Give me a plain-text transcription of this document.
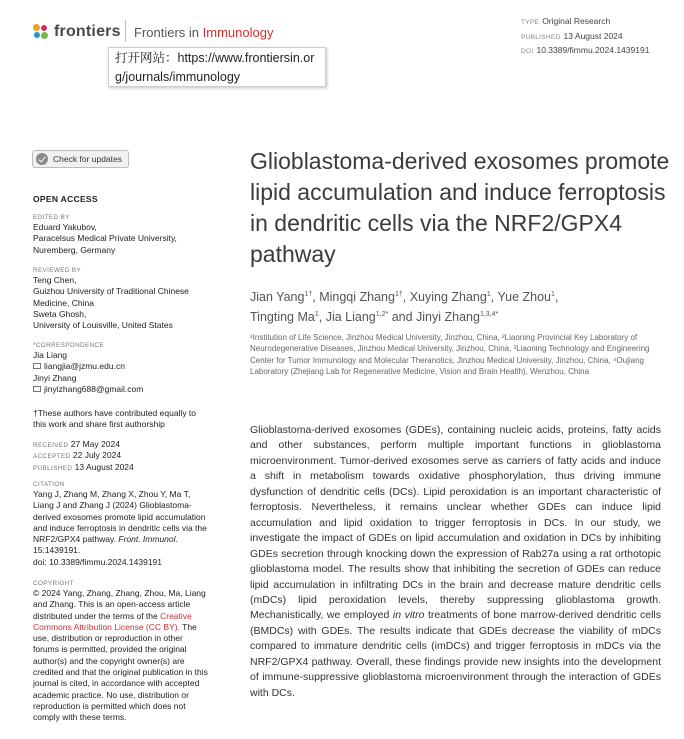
frontiers Frontiers in Immunology
TYPE Original Research
PUBLISHED 13 August 2024
DOI 10.3389/fimmu.2024.1439191
打开网站：https://www.frontiersin.org/journals/immunology
Check for updates
OPEN ACCESS
EDITED BY
Eduard Yakubov,
Paracelsus Medical Private University,
Nuremberg, Germany
REVIEWED BY
Teng Chen,
Guizhou University of Traditional Chinese
Medicine, China
Sweta Ghosh,
University of Louisville, United States
*CORRESPONDENCE
Jia Liang
liangjia@jzmu.edu.cn
Jinyi Zhang
jinyizhang688@gmail.com
†These authors have contributed equally to this work and share first authorship
RECEIVED 27 May 2024
ACCEPTED 22 July 2024
PUBLISHED 13 August 2024
CITATION
Yang J, Zhang M, Zhang X, Zhou Y, Ma T, Liang J and Zhang J (2024) Glioblastoma-derived exosomes promote lipid accumulation and induce ferroptosis in dendritic cells via the NRF2/GPX4 pathway. Front. Immunol. 15:1439191.
doi: 10.3389/fimmu.2024.1439191
COPYRIGHT
© 2024 Yang, Zhang, Zhang, Zhou, Ma, Liang and Zhang. This is an open-access article distributed under the terms of the Creative Commons Attribution License (CC BY). The use, distribution or reproduction in other forums is permitted, provided the original author(s) and the copyright owner(s) are credited and that the original publication in this journal is cited, in accordance with accepted academic practice. No use, distribution or reproduction is permitted which does not comply with these terms.
Glioblastoma-derived exosomes promote lipid accumulation and induce ferroptosis in dendritic cells via the NRF2/GPX4 pathway
Jian Yang$^{1\dagger}$, Mingqi Zhang$^{1\dagger}$, Xuying Zhang$^1$, Yue Zhou$^1$,
Tingting Ma$^1$, Jia Liang$^{1,2*}$ and Jinyi Zhang$^{1,3,4*}$
¹Institution of Life Science, Jinzhou Medical University, Jinzhou, China, ²Liaoning Provincial Key Laboratory of Neurodegenerative Diseases, Jinzhou Medical University, Jinzhou, China, ³Liaoning Technology and Engineering Center for Tumor Immunology and Molecular Theranotics, Jinzhou Medical University, Jinzhou, China, ⁴Oujiang Laboratory (Zhejiang Lab for Regenerative Medicine, Vision and Brain Health), Wenzhou, China
Glioblastoma-derived exosomes (GDEs), containing nucleic acids, proteins, fatty acids and other substances, perform multiple important functions in glioblastoma microenvironment. Tumor-derived exosomes serve as carriers of fatty acids and induce a shift in metabolism towards oxidative phosphorylation, thus driving immune dysfunction of dendritic cells (DCs). Lipid peroxidation is an important characteristic of ferroptosis. Nevertheless, it remains unclear whether GDEs can induce lipid accumulation and lipid oxidation to trigger ferroptosis in DCs. In our study, we investigate the impact of GDEs on lipid accumulation and oxidation in DCs by inhibiting GDEs secretion through knocking down the expression of Rab27a using a rat orthotopic glioblastoma model. The results show that inhibiting the secretion of GDEs can reduce lipid accumulation in infiltrating DCs in the brain and decrease mature dendritic cells (mDCs) lipid peroxidation levels, thereby suppressing glioblastoma growth. Mechanistically, we employed in vitro treatments of bone marrow-derived dendritic cells (BMDCs) with GDEs. The results indicate that GDEs decrease the viability of mDCs compared to immature dendritic cells (imDCs) and trigger ferroptosis in mDCs via the NRF2/GPX4 pathway. Overall, these findings provide new insights into the development of immune-suppressive glioblastoma microenvironment through the interaction of GDEs with DCs.
